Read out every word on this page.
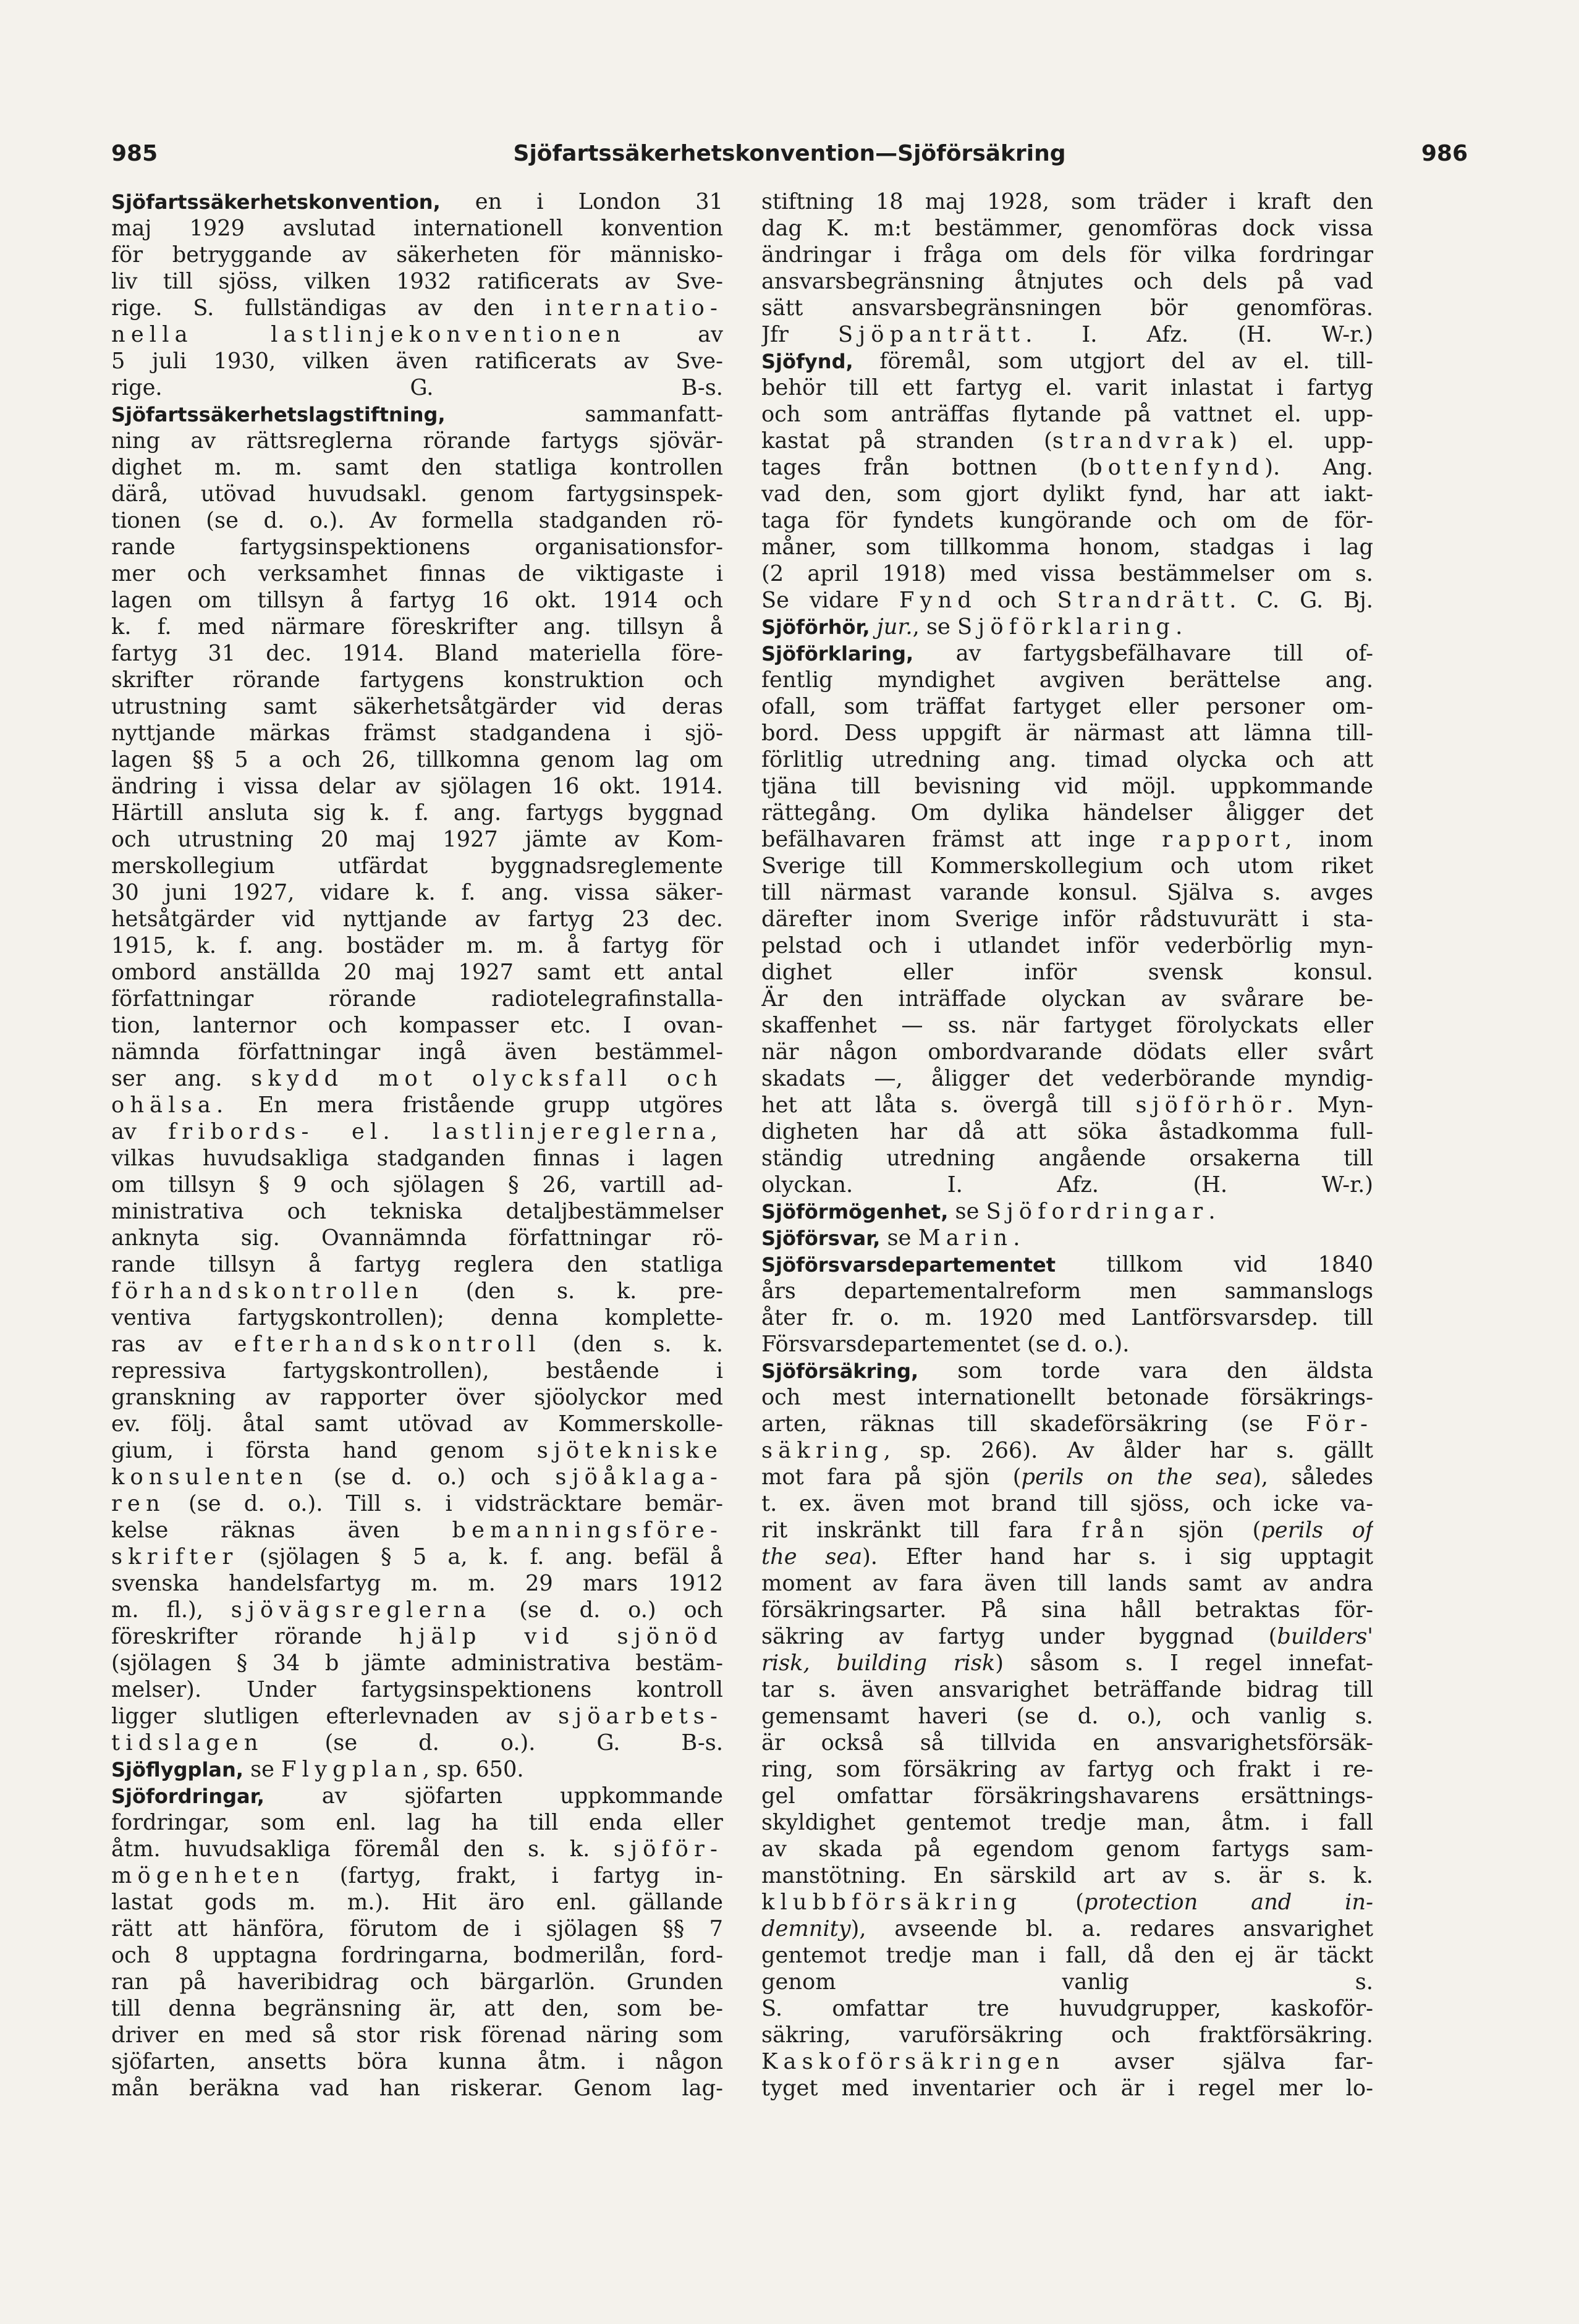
985	Sjöfartssäkerhetskonvention—Sjöförsäkring	986
Sjöfartssäkerhetskonvention, en i London 31
maj 1929 avslutad internationell konvention
för betryggande av säkerheten för människo-
liv till sjöss, vilken 1932 ratificerats av Sve-
rige. S. fullständigas av den internatio-
nella lastlinjekonventionen av
5 juli 1930, vilken även ratificerats av Sve-
rige. G. B-s.
Sjöfartssäkerhetslagstiftning, sammanfatt-
ning av rättsreglerna rörande fartygs sjövär-
dighet m. m. samt den statliga kontrollen
därå, utövad huvudsakl. genom fartygsinspek-
tionen (se d. o.). Av formella stadganden rö-
rande fartygsinspektionens organisationsfor-
mer och verksamhet finnas de viktigaste i
lagen om tillsyn å fartyg 16 okt. 1914 och
k. f. med närmare föreskrifter ang. tillsyn å
fartyg 31 dec. 1914. Bland materiella före-
skrifter rörande fartygens konstruktion och
utrustning samt säkerhetsåtgärder vid deras
nyttjande märkas främst stadgandena i sjö-
lagen §§ 5 a och 26, tillkomna genom lag om
ändring i vissa delar av sjölagen 16 okt. 1914.
Härtill ansluta sig k. f. ang. fartygs byggnad
och utrustning 20 maj 1927 jämte av Kom-
merskollegium utfärdat byggnadsreglemente
30 juni 1927, vidare k. f. ang. vissa säker-
hetsåtgärder vid nyttjande av fartyg 23 dec.
1915, k. f. ang. bostäder m. m. å fartyg för
ombord anställda 20 maj 1927 samt ett antal
författningar rörande radiotelegrafinstalla-
tion, lanternor och kompasser etc. I ovan-
nämnda författningar ingå även bestämmel-
ser ang. skydd mot olycksfall och
ohälsa. En mera fristående grupp utgöres
av fribords- el. lastlinjereglerna,
vilkas huvudsakliga stadganden finnas i lagen
om tillsyn § 9 och sjölagen § 26, vartill ad-
ministrativa och tekniska detaljbestämmelser
anknyta sig. Ovannämnda författningar rö-
rande tillsyn å fartyg reglera den statliga
förhandskontrollen (den s. k. pre-
ventiva fartygskontrollen); denna komplette-
ras av efterhandskontroll (den s. k.
repressiva fartygskontrollen), bestående i
granskning av rapporter över sjöolyckor med
ev. följ. åtal samt utövad av Kommerskolle-
gium, i första hand genom sjötekniske
konsulenten (se d. o.) och sjöåklaga-
ren (se d. o.). Till s. i vidsträcktare bemär-
kelse räknas även bemanningsföre-
skrifter (sjölagen § 5 a, k. f. ang. befäl å
svenska handelsfartyg m. m. 29 mars 1912
m. fl.), sjövägsreglerna (se d. o.) och
föreskrifter rörande hjälp vid sjönöd
(sjölagen § 34 b jämte administrativa bestäm-
melser). Under fartygsinspektionens kontroll
ligger slutligen efterlevnaden av sjöarbets-
tidslagen (se d. o.). G. B-s.
Sjöflygplan, se Flygplan, sp. 650.
Sjöfordringar, av sjöfarten uppkommande
fordringar, som enl. lag ha till enda eller
åtm. huvudsakliga föremål den s. k. sjöför-
mögenheten (fartyg, frakt, i fartyg in-
lastat gods m. m.). Hit äro enl. gällande
rätt att hänföra, förutom de i sjölagen §§ 7
och 8 upptagna fordringarna, bodmerilån, ford-
ran på haveribidrag och bärgarlön. Grunden
till denna begränsning är, att den, som be-
driver en med så stor risk förenad näring som
sjöfarten, ansetts böra kunna åtm. i någon
mån beräkna vad han riskerar. Genom lag-
stiftning 18 maj 1928, som träder i kraft den
dag K. m:t bestämmer, genomföras dock vissa
ändringar i fråga om dels för vilka fordringar
ansvarsbegränsning åtnjutes och dels på vad
sätt ansvarsbegränsningen bör genomföras.
Jfr Sjöpanträtt. I. Afz. (H. W-r.)
Sjöfynd, föremål, som utgjort del av el. till-
behör till ett fartyg el. varit inlastat i fartyg
och som anträffas flytande på vattnet el. upp-
kastat på stranden (strandvrak) el. upp-
tages från bottnen (bottenfynd). Ang.
vad den, som gjort dylikt fynd, har att iakt-
taga för fyndets kungörande och om de för-
måner, som tillkomma honom, stadgas i lag
(2 april 1918) med vissa bestämmelser om s.
Se vidare Fynd och Strandrätt. C. G. Bj.
Sjöförhör, jur., se Sjöförklaring.
Sjöförklaring, av fartygsbefälhavare till of-
fentlig myndighet avgiven berättelse ang.
ofall, som träffat fartyget eller personer om-
bord. Dess uppgift är närmast att lämna till-
förlitlig utredning ang. timad olycka och att
tjäna till bevisning vid möjl. uppkommande
rättegång. Om dylika händelser åligger det
befälhavaren främst att inge rapport, inom
Sverige till Kommerskollegium och utom riket
till närmast varande konsul. Själva s. avges
därefter inom Sverige inför rådstuvurätt i sta-
pelstad och i utlandet inför vederbörlig myn-
dighet eller inför svensk konsul.
Är den inträffade olyckan av svårare be-
skaffenhet — ss. när fartyget förolyckats eller
när någon ombordvarande dödats eller svårt
skadats —, åligger det vederbörande myndig-
het att låta s. övergå till sjöförhör. Myn-
digheten har då att söka åstadkomma full-
ständig utredning angående orsakerna till
olyckan. I. Afz. (H. W-r.)
Sjöförmögenhet, se Sjöfordringar.
Sjöförsvar, se Marin.
Sjöförsvarsdepartementet tillkom vid 1840
års departementalreform men sammanslogs
åter fr. o. m. 1920 med Lantförsvarsdep. till
Försvarsdepartementet (se d. o.).
Sjöförsäkring, som torde vara den äldsta
och mest internationellt betonade försäkrings-
arten, räknas till skadeförsäkring (se För-
säkring, sp. 266). Av ålder har s. gällt
mot fara på sjön (perils on the sea), således
t. ex. även mot brand till sjöss, och icke va-
rit inskränkt till fara från sjön (perils of
the sea). Efter hand har s. i sig upptagit
moment av fara även till lands samt av andra
försäkringsarter. På sina håll betraktas för-
säkring av fartyg under byggnad (builders'
risk, building risk) såsom s. I regel innefat-
tar s. även ansvarighet beträffande bidrag till
gemensamt haveri (se d. o.), och vanlig s.
är också så tillvida en ansvarighetsförsäk-
ring, som försäkring av fartyg och frakt i re-
gel omfattar försäkringshavarens ersättnings-
skyldighet gentemot tredje man, åtm. i fall
av skada på egendom genom fartygs sam-
manstötning. En särskild art av s. är s. k.
klubbförsäkring (protection and in-
demnity), avseende bl. a. redares ansvarighet
gentemot tredje man i fall, då den ej är täckt
genom vanlig s.
S. omfattar tre huvudgrupper, kaskoför-
säkring, varuförsäkring och fraktförsäkring.
Kaskoförsäkringen avser själva far-
tyget med inventarier och är i regel mer lo-
